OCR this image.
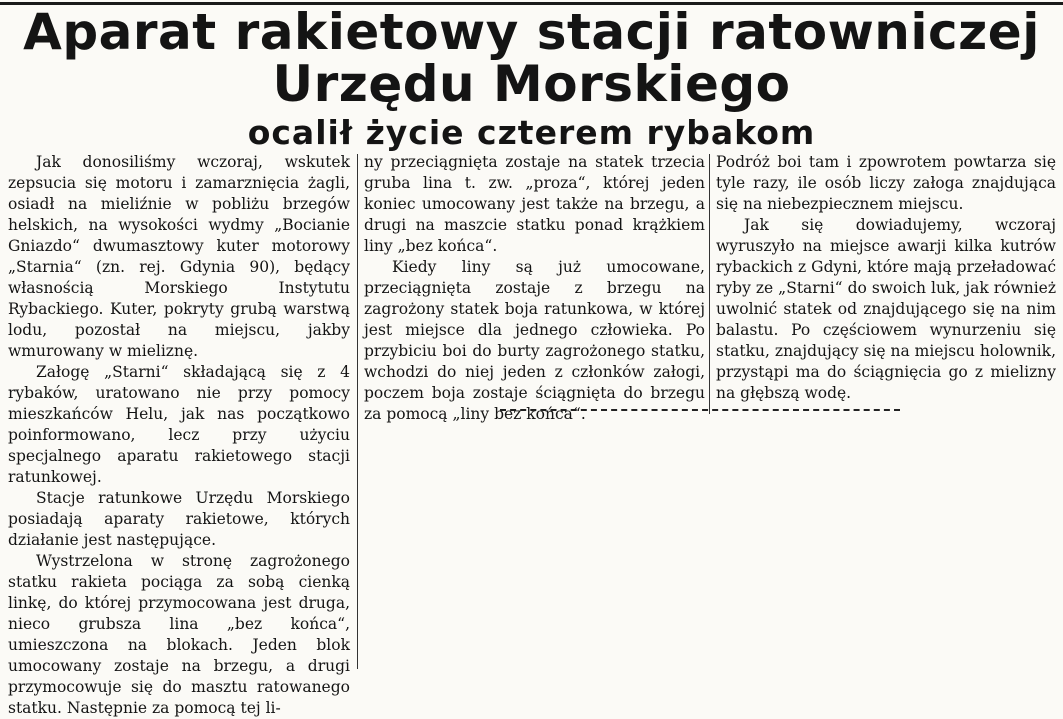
Aparat rakietowy stacji ratowniczej
Urzędu Morskiego
ocalił życie czterem rybakom

Jak donosiliśmy wczoraj, wskutek zepsucia się motoru i zamarznięcia żagli, osiadł na mieliźnie w pobliżu brzegów helskich, na wysokości wydmy „Bocianie Gniazdo“ dwumasztowy kuter motorowy „Starnia“ (zn. rej. Gdynia 90), będący własnością Morskiego Instytutu Rybackiego. Kuter, pokryty grubą warstwą lodu, pozostał na miejscu, jakby wmurowany w mieliznę.

Załogę „Starni“ składającą się z 4 rybaków, uratowano nie przy pomocy mieszkańców Helu, jak nas początkowo poinformowano, lecz przy użyciu specjalnego aparatu rakietowego stacji ratunkowej.

Stacje ratunkowe Urzędu Morskiego posiadają aparaty rakietowe, których działanie jest następujące.

Wystrzelona w stronę zagrożonego statku rakieta pociąga za sobą cienką linkę, do której przymocowana jest druga, nieco grubsza lina „bez końca“, umieszczona na blokach. Jeden blok umocowany zostaje na brzegu, a drugi przymocowuje się do masztu ratowanego statku. Następnie za pomocą tej li-

ny przeciągnięta zostaje na statek trzecia gruba lina t. zw. „proza“, której jeden koniec umocowany jest także na brzegu, a drugi na maszcie statku ponad krążkiem liny „bez końca“.

Kiedy liny są już umocowane, przeciągnięta zostaje z brzegu na zagrożony statek boja ratunkowa, w której jest miejsce dla jednego człowieka. Po przybiciu boi do burty zagrożonego statku, wchodzi do niej jeden z członków załogi, poczem boja zostaje ściągnięta do brzegu za pomocą „liny bez końca“.

Podróż boi tam i zpowrotem powtarza się tyle razy, ile osób liczy załoga znajdująca się na niebezpiecznem miejscu.

Jak się dowiadujemy, wczoraj wyruszyło na miejsce awarji kilka kutrów rybackich z Gdyni, które mają przeładować ryby ze „Starni“ do swoich luk, jak również uwolnić statek od znajdującego się na nim balastu. Po częściowem wynurzeniu się statku, znajdujący się na miejscu holownik, przystąpi ma do ściągnięcia go z mielizny na głębszą wodę.
